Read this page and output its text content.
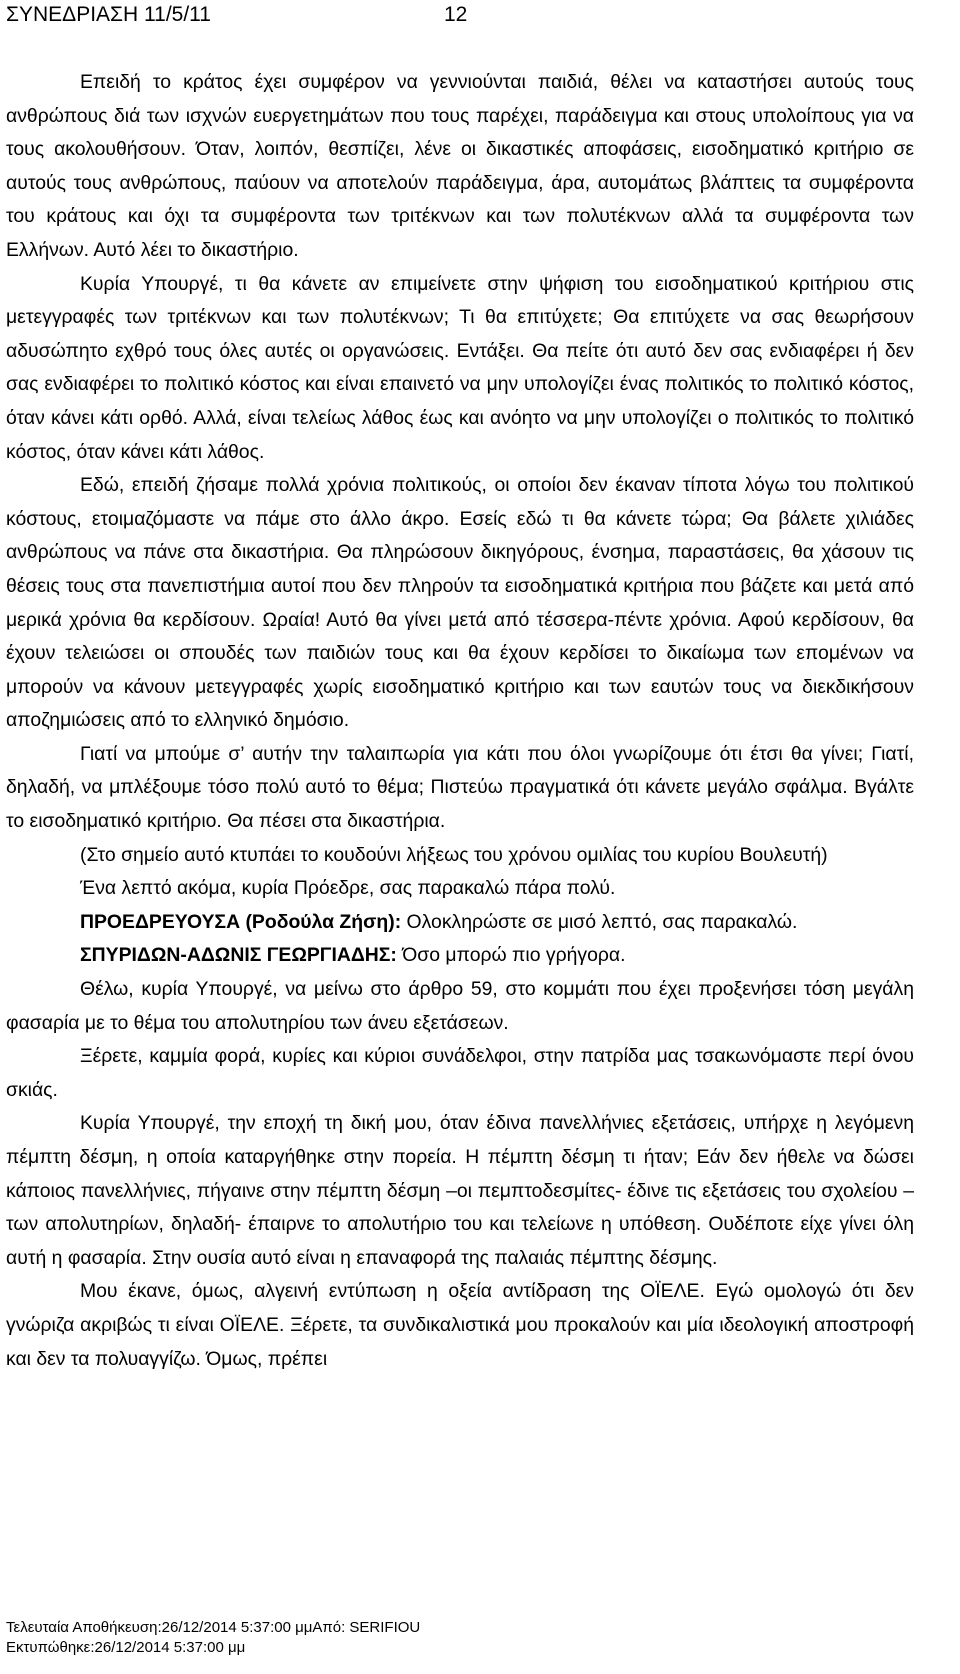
ΣΥΝΕΔΡΙΑΣΗ 11/5/11	12

Επειδή το κράτος έχει συμφέρον να γεννιούνται παιδιά, θέλει να καταστήσει αυτούς τους ανθρώπους διά των ισχνών ευεργετημάτων που τους παρέχει, παράδειγμα και στους υπολοίπους για να τους ακολουθήσουν. Όταν, λοιπόν, θεσπίζει, λένε οι δικαστικές αποφάσεις, εισοδηματικό κριτήριο σε αυτούς τους ανθρώπους, παύουν να αποτελούν παράδειγμα, άρα, αυτομάτως βλάπτεις τα συμφέροντα του κράτους και όχι τα συμφέροντα των τριτέκνων και των πολυτέκνων αλλά τα συμφέροντα των Ελλήνων. Αυτό λέει το δικαστήριο.

Κυρία Υπουργέ, τι θα κάνετε αν επιμείνετε στην ψήφιση του εισοδηματικού κριτήριου στις μετεγγραφές των τριτέκνων και των πολυτέκνων; Τι θα επιτύχετε; Θα επιτύχετε να σας θεωρήσουν αδυσώπητο εχθρό τους όλες αυτές οι οργανώσεις. Εντάξει. Θα πείτε ότι αυτό δεν σας ενδιαφέρει ή δεν σας ενδιαφέρει το πολιτικό κόστος και είναι επαινετό να μην υπολογίζει ένας πολιτικός το πολιτικό κόστος, όταν κάνει κάτι ορθό. Αλλά, είναι τελείως λάθος έως και ανόητο να μην υπολογίζει ο πολιτικός το πολιτικό κόστος, όταν κάνει κάτι λάθος.

Εδώ, επειδή ζήσαμε πολλά χρόνια πολιτικούς, οι οποίοι δεν έκαναν τίποτα λόγω του πολιτικού κόστους, ετοιμαζόμαστε να πάμε στο άλλο άκρο. Εσείς εδώ τι θα κάνετε τώρα; Θα βάλετε χιλιάδες ανθρώπους να πάνε στα δικαστήρια. Θα πληρώσουν δικηγόρους, ένσημα, παραστάσεις, θα χάσουν τις θέσεις τους στα πανεπιστήμια αυτοί που δεν πληρούν τα εισοδηματικά κριτήρια που βάζετε και μετά από μερικά χρόνια θα κερδίσουν. Ωραία! Αυτό θα γίνει μετά από τέσσερα-πέντε χρόνια. Αφού κερδίσουν, θα έχουν τελειώσει οι σπουδές των παιδιών τους και θα έχουν κερδίσει το δικαίωμα των επομένων να μπορούν να κάνουν μετεγγραφές χωρίς εισοδηματικό κριτήριο και των εαυτών τους να διεκδικήσουν αποζημιώσεις από το ελληνικό δημόσιο.

Γιατί να μπούμε σ’ αυτήν την ταλαιπωρία για κάτι που όλοι γνωρίζουμε ότι έτσι θα γίνει; Γιατί, δηλαδή, να μπλέξουμε τόσο πολύ αυτό το θέμα; Πιστεύω πραγματικά ότι κάνετε μεγάλο σφάλμα. Βγάλτε το εισοδηματικό κριτήριο. Θα πέσει στα δικαστήρια.

(Στο σημείο αυτό κτυπάει το κουδούνι λήξεως του χρόνου ομιλίας του κυρίου Βουλευτή)

Ένα λεπτό ακόμα, κυρία Πρόεδρε, σας παρακαλώ πάρα πολύ.

ΠΡΟΕΔΡΕΥΟΥΣΑ (Ροδούλα Ζήση): Ολοκληρώστε σε μισό λεπτό, σας παρακαλώ.

ΣΠΥΡΙΔΩΝ-ΑΔΩΝΙΣ ΓΕΩΡΓΙΑΔΗΣ: Όσο μπορώ πιο γρήγορα.

Θέλω, κυρία Υπουργέ, να μείνω στο άρθρο 59, στο κομμάτι που έχει προξενήσει τόση μεγάλη φασαρία με το θέμα του απολυτηρίου των άνευ εξετάσεων.

Ξέρετε, καμμία φορά, κυρίες και κύριοι συνάδελφοι, στην πατρίδα μας τσακωνόμαστε περί όνου σκιάς.

Κυρία Υπουργέ, την εποχή τη δική μου, όταν έδινα πανελλήνιες εξετάσεις, υπήρχε η λεγόμενη πέμπτη δέσμη, η οποία καταργήθηκε στην πορεία. Η πέμπτη δέσμη τι ήταν; Εάν δεν ήθελε να δώσει κάποιος πανελλήνιες, πήγαινε στην πέμπτη δέσμη –οι πεμπτοδεσμίτες- έδινε τις εξετάσεις του σχολείου –των απολυτηρίων, δηλαδή- έπαιρνε το απολυτήριο του και τελείωνε η υπόθεση. Ουδέποτε είχε γίνει όλη αυτή η φασαρία. Στην ουσία αυτό είναι η επαναφορά της παλαιάς πέμπτης δέσμης.

Μου έκανε, όμως, αλγεινή εντύπωση η οξεία αντίδραση της ΟΪΕΛΕ. Εγώ ομολογώ ότι δεν γνώριζα ακριβώς τι είναι ΟΪΕΛΕ. Ξέρετε, τα συνδικαλιστικά μου προκαλούν και μία ιδεολογική αποστροφή και δεν τα πολυαγγίζω. Όμως, πρέπει

Τελευταία Αποθήκευση:26/12/2014 5:37:00 μμΑπό: SERIFIOU
Εκτυπώθηκε:26/12/2014 5:37:00 μμ
